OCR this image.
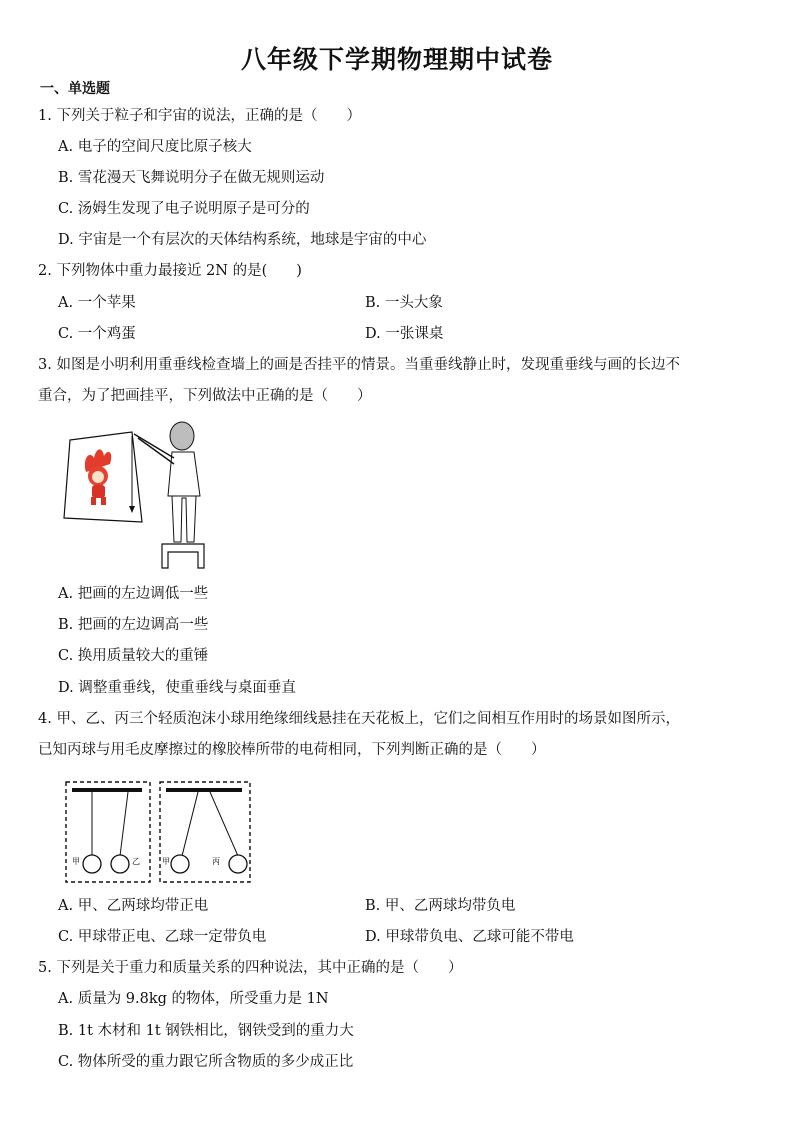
八年级下学期物理期中试卷
一、单选题
1. 下列关于粒子和宇宙的说法，正确的是（　　）
A. 电子的空间尺度比原子核大
B. 雪花漫天飞舞说明分子在做无规则运动
C. 汤姆生发现了电子说明原子是可分的
D. 宇宙是一个有层次的天体结构系统，地球是宇宙的中心
2. 下列物体中重力最接近 2N 的是(　　)
A. 一个苹果	B. 一头大象
C. 一个鸡蛋	D. 一张课桌
3. 如图是小明利用重垂线检查墙上的画是否挂平的情景。当重垂线静止时，发现重垂线与画的长边不
重合，为了把画挂平，下列做法中正确的是（　　）
A. 把画的左边调低一些
B. 把画的左边调高一些
C. 换用质量较大的重锤
D. 调整重垂线，使重垂线与桌面垂直
4. 甲、乙、丙三个轻质泡沫小球用绝缘细线悬挂在天花板上，它们之间相互作用时的场景如图所示，
已知丙球与用毛皮摩擦过的橡胶棒所带的电荷相同，下列判断正确的是（　　）
甲	乙	甲	丙
A. 甲、乙两球均带正电	B. 甲、乙两球均带负电
C. 甲球带正电、乙球一定带负电	D. 甲球带负电、乙球可能不带电
5. 下列是关于重力和质量关系的四种说法，其中正确的是（　　）
A. 质量为 9.8kg 的物体，所受重力是 1N
B. 1t 木材和 1t 钢铁相比，钢铁受到的重力大
C. 物体所受的重力跟它所含物质的多少成正比
